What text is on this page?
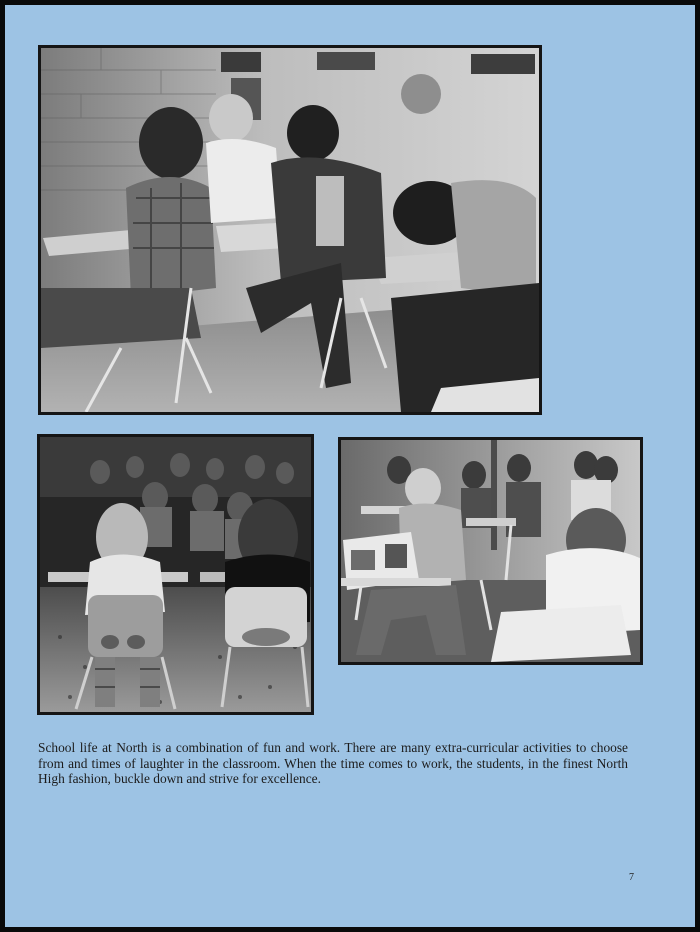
School life at North is a combination of fun and work. There are many extra-curricular activities to choose from and times of laughter in the classroom. When the time comes to work, the students, in the finest North High fashion, buckle down and strive for excellence.

7
